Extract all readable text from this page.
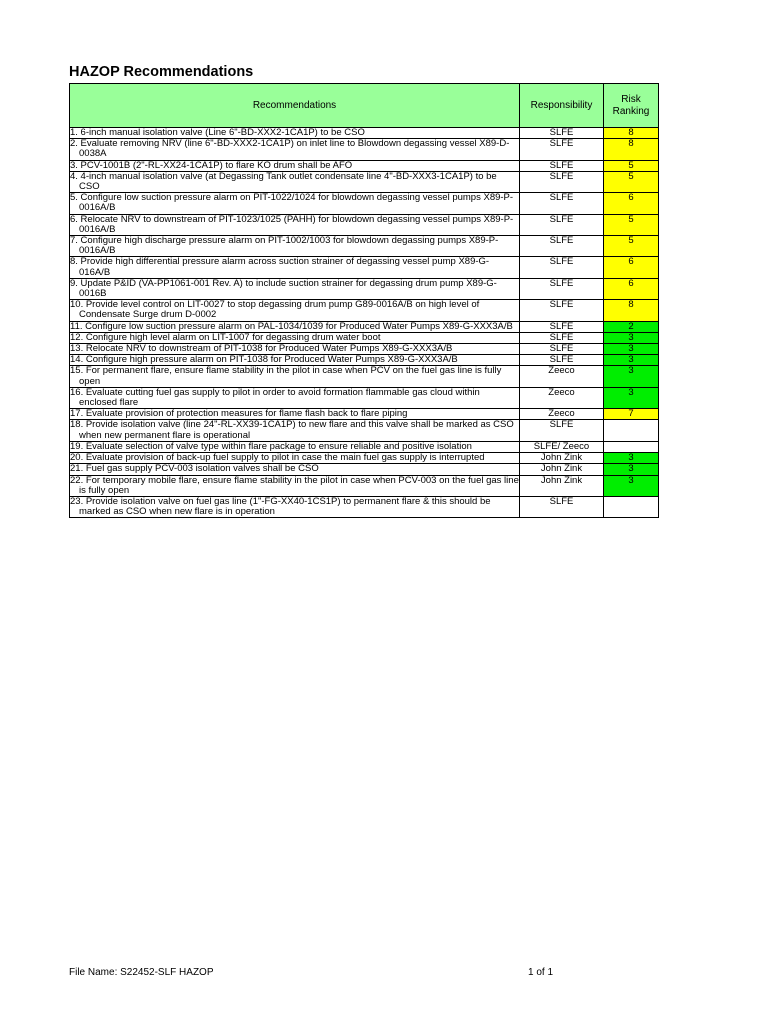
HAZOP Recommendations
Recommendations	Responsibility	Risk Ranking

1. 6-inch manual isolation valve (Line 6"-BD-XXX2-1CA1P) to be CSO	SLFE	8

2. Evaluate removing NRV (line 6"-BD-XXX2-1CA1P) on inlet line to Blowdown degassing vessel X89-D-0038A	SLFE	8

3. PCV-1001B (2"-RL-XX24-1CA1P) to flare KO drum shall be AFO	SLFE	5

4. 4-inch manual isolation valve (at Degassing Tank outlet condensate line 4"-BD-XXX3-1CA1P) to be CSO	SLFE	5

5. Configure low suction pressure alarm on PIT-1022/1024 for blowdown degassing vessel pumps X89-P-0016A/B	SLFE	6

6. Relocate NRV to downstream of PIT-1023/1025 (PAHH) for blowdown degassing vessel pumps X89-P-0016A/B	SLFE	5

7. Configure high discharge pressure alarm on PIT-1002/1003 for blowdown degassing pumps X89-P-0016A/B	SLFE	5

8. Provide high differential pressure alarm across suction strainer of degassing vessel pump X89-G-016A/B	SLFE	6

9. Update P&ID (VA-PP1061-001 Rev. A) to include suction strainer for degassing drum pump X89-G-0016B	SLFE	6

10. Provide level control on LIT-0027 to stop degassing drum pump G89-0016A/B on high level of Condensate Surge drum D-0002	SLFE	8

11. Configure low suction pressure alarm on PAL-1034/1039 for Produced Water Pumps X89-G-XXX3A/B	SLFE	2

12. Configure high level alarm on LIT-1007 for degassing drum water boot	SLFE	3

13. Relocate NRV to downstream of PIT-1038 for Produced Water Pumps X89-G-XXX3A/B	SLFE	3

14. Configure high pressure alarm on PIT-1038 for Produced Water Pumps X89-G-XXX3A/B	SLFE	3

15. For permanent flare, ensure flame stability in the pilot in case when PCV on the fuel gas line is fully open	Zeeco	3

16. Evaluate cutting fuel gas supply to pilot in order to avoid formation flammable gas cloud within enclosed flare	Zeeco	3

17. Evaluate provision of protection measures for flame flash back to flare piping	Zeeco	7

18. Provide isolation valve (line 24"-RL-XX39-1CA1P) to new flare and this valve shall be marked as CSO when new permanent flare is operational	SLFE	

19. Evaluate selection of valve type within flare package to ensure reliable and positive isolation	SLFE/ Zeeco	

20. Evaluate provision of back-up fuel supply to pilot in case the main fuel gas supply is interrupted	John Zink	3

21. Fuel gas supply PCV-003 isolation valves shall be CSO	John Zink	3

22. For temporary mobile flare, ensure flame stability in the pilot in case when PCV-003 on the fuel gas line is fully open	John Zink	3

23. Provide isolation valve on fuel gas line (1"-FG-XX40-1CS1P) to permanent flare & this should be marked as CSO when new flare is in operation	SLFE	
File Name: S22452-SLF HAZOP	1 of 1
